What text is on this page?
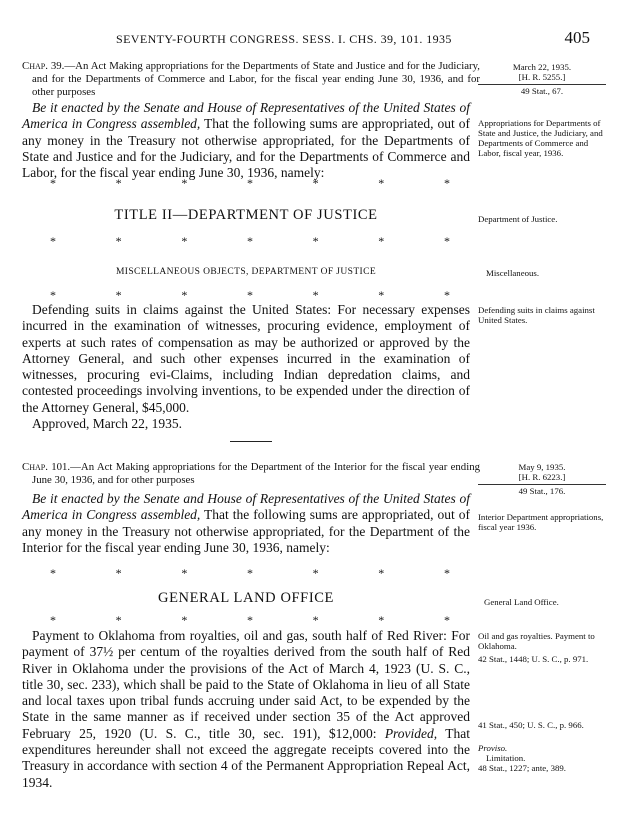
SEVENTY-FOURTH CONGRESS. SESS. I. CHS. 39, 101. 1935	405
Chap. 39.—An Act Making appropriations for the Departments of State and Justice and for the Judiciary, and for the Departments of Commerce and Labor, for the fiscal year ending June 30, 1936, and for other purposes
March 22, 1935.
[H. R. 5255.]
49 Stat., 67.
Be it enacted by the Senate and House of Representatives of the United States of America in Congress assembled, That the following sums are appropriated, out of any money in the Treasury not otherwise appropriated, for the Departments of State and Justice and for the Judiciary, and for the Departments of Commerce and Labor, for the fiscal year ending June 30, 1936, namely:
Appropriations for Departments of State and Justice, the Judiciary, and Departments of Commerce and Labor, fiscal year, 1936.
*	*	*	*	*	*	*
TITLE II—DEPARTMENT OF JUSTICE	Department of Justice.
*	*	*	*	*	*	*
MISCELLANEOUS OBJECTS, DEPARTMENT OF JUSTICE	Miscellaneous.
*	*	*	*	*	*	*
Defending suits in claims against the United States: For necessary expenses incurred in the examination of witnesses, procuring evidence, employment of experts at such rates of compensation as may be authorized or approved by the Attorney General, and such other expenses incurred in the examination of witnesses, procuring evi-Claims, including Indian depredation claims, and contested proceedings involving inventions, to be expended under the direction of the Attorney General, $45,000.
Defending suits in claims against United States.
Approved, March 22, 1935.
Chap. 101.—An Act Making appropriations for the Department of the Interior for the fiscal year ending June 30, 1936, and for other purposes
May 9, 1935.
[H. R. 6223.]
49 Stat., 176.
Be it enacted by the Senate and House of Representatives of the United States of America in Congress assembled, That the following sums are appropriated, out of any money in the Treasury not otherwise appropriated, for the Department of the Interior for the fiscal year ending June 30, 1936, namely:
Interior Department appropriations, fiscal year 1936.
*	*	*	*	*	*	*
GENERAL LAND OFFICE	General Land Office.
*	*	*	*	*	*	*
Payment to Oklahoma from royalties, oil and gas, south half of Red River: For payment of 37½ per centum of the royalties derived from the south half of Red River in Oklahoma under the provisions of the Act of March 4, 1923 (U. S. C., title 30, sec. 233), which shall be paid to the State of Oklahoma in lieu of all State and local taxes upon tribal funds accruing under said Act, to be expended by the State in the same manner as if received under section 35 of the Act approved February 25, 1920 (U. S. C., title 30, sec. 191), $12,000: Provided, That expenditures hereunder shall not exceed the aggregate receipts covered into the Treasury in accordance with section 4 of the Permanent Appropriation Repeal Act, 1934.
Oil and gas royalties. Payment to Oklahoma.
42 Stat., 1448; U. S. C., p. 971.
41 Stat., 450; U. S. C., p. 966.
Proviso.
Limitation.
48 Stat., 1227; ante, 389.
